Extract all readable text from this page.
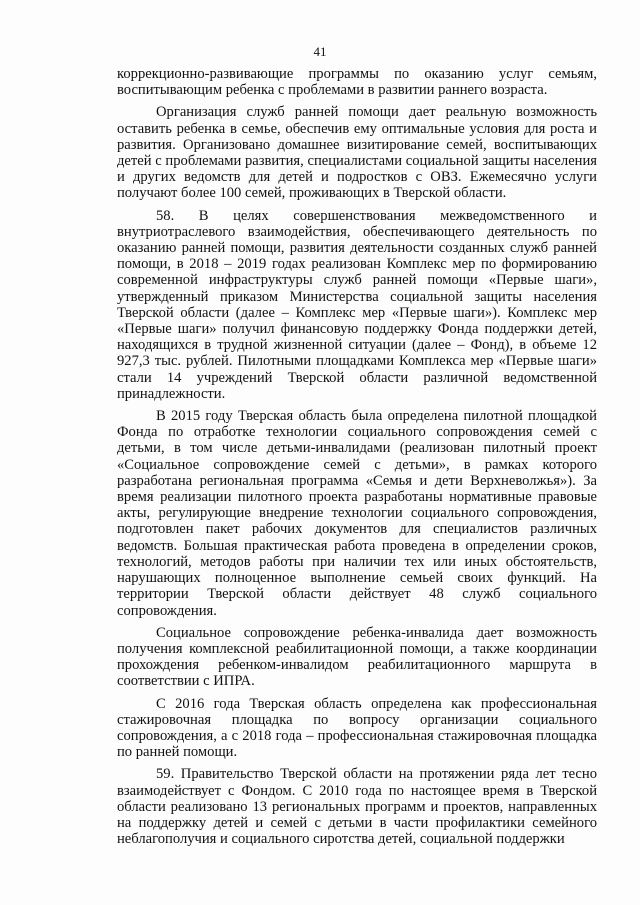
41

коррекционно-развивающие программы по оказанию услуг семьям, воспитывающим ребенка с проблемами в развитии раннего возраста.

Организация служб ранней помощи дает реальную возможность оставить ребенка в семье, обеспечив ему оптимальные условия для роста и развития. Организовано домашнее визитирование семей, воспитывающих детей с проблемами развития, специалистами социальной защиты населения и других ведомств для детей и подростков с ОВЗ. Ежемесячно услуги получают более 100 семей, проживающих в Тверской области.

58. В целях совершенствования межведомственного и внутриотраслевого взаимодействия, обеспечивающего деятельность по оказанию ранней помощи, развития деятельности созданных служб ранней помощи, в 2018 – 2019 годах реализован Комплекс мер по формированию современной инфраструктуры служб ранней помощи «Первые шаги», утвержденный приказом Министерства социальной защиты населения Тверской области (далее – Комплекс мер «Первые шаги»). Комплекс мер «Первые шаги» получил финансовую поддержку Фонда поддержки детей, находящихся в трудной жизненной ситуации (далее – Фонд), в объеме 12 927,3 тыс. рублей. Пилотными площадками Комплекса мер «Первые шаги» стали 14 учреждений Тверской области различной ведомственной принадлежности.

В 2015 году Тверская область была определена пилотной площадкой Фонда по отработке технологии социального сопровождения семей с детьми, в том числе детьми-инвалидами (реализован пилотный проект «Социальное сопровождение семей с детьми», в рамках которого разработана региональная программа «Семья и дети Верхневолжья»). За время реализации пилотного проекта разработаны нормативные правовые акты, регулирующие внедрение технологии социального сопровождения, подготовлен пакет рабочих документов для специалистов различных ведомств. Большая практическая работа проведена в определении сроков, технологий, методов работы при наличии тех или иных обстоятельств, нарушающих полноценное выполнение семьей своих функций. На территории Тверской области действует 48 служб социального сопровождения.

Социальное сопровождение ребенка-инвалида дает возможность получения комплексной реабилитационной помощи, а также координации прохождения ребенком-инвалидом реабилитационного маршрута в соответствии с ИПРА.

С 2016 года Тверская область определена как профессиональная стажировочная площадка по вопросу организации социального сопровождения, а с 2018 года – профессиональная стажировочная площадка по ранней помощи.

59. Правительство Тверской области на протяжении ряда лет тесно взаимодействует с Фондом. С 2010 года по настоящее время в Тверской области реализовано 13 региональных программ и проектов, направленных на поддержку детей и семей с детьми в части профилактики семейного неблагополучия и социального сиротства детей, социальной поддержки
